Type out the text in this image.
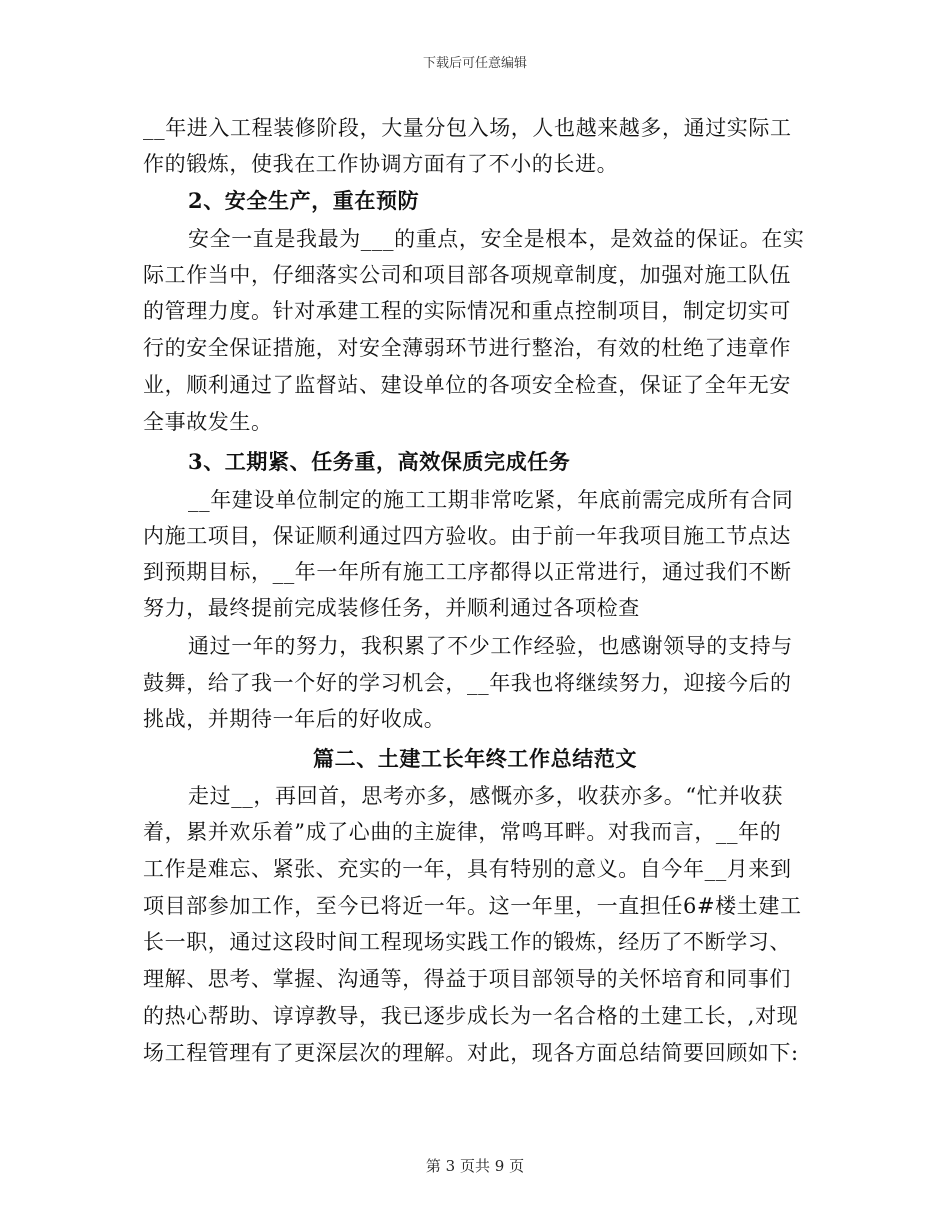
下载后可任意编辑
__年进入工程装修阶段，大量分包入场，人也越来越多，通过实际工
作的锻炼，使我在工作协调方面有了不小的长进。
2、安全生产，重在预防
安全一直是我最为___的重点，安全是根本，是效益的保证。在实
际工作当中，仔细落实公司和项目部各项规章制度，加强对施工队伍
的管理力度。针对承建工程的实际情况和重点控制项目，制定切实可
行的安全保证措施，对安全薄弱环节进行整治，有效的杜绝了违章作
业，顺利通过了监督站、建设单位的各项安全检查，保证了全年无安
全事故发生。
3、工期紧、任务重，高效保质完成任务
__年建设单位制定的施工工期非常吃紧，年底前需完成所有合同
内施工项目，保证顺利通过四方验收。由于前一年我项目施工节点达
到预期目标，__年一年所有施工工序都得以正常进行，通过我们不断
努力，最终提前完成装修任务，并顺利通过各项检查
通过一年的努力，我积累了不少工作经验，也感谢领导的支持与
鼓舞，给了我一个好的学习机会，__年我也将继续努力，迎接今后的
挑战，并期待一年后的好收成。
篇二、土建工长年终工作总结范文
走过__，再回首，思考亦多，感慨亦多，收获亦多。“忙并收获
着，累并欢乐着”成了心曲的主旋律，常鸣耳畔。对我而言，__年的
工作是难忘、紧张、充实的一年，具有特别的意义。自今年__月来到
项目部参加工作，至今已将近一年。这一年里，一直担任6#楼土建工
长一职，通过这段时间工程现场实践工作的锻炼，经历了不断学习、
理解、思考、掌握、沟通等，得益于项目部领导的关怀培育和同事们
的热心帮助、谆谆教导，我已逐步成长为一名合格的土建工长，,对现
场工程管理有了更深层次的理解。对此，现各方面总结简要回顾如下:
第 3 页共 9 页
